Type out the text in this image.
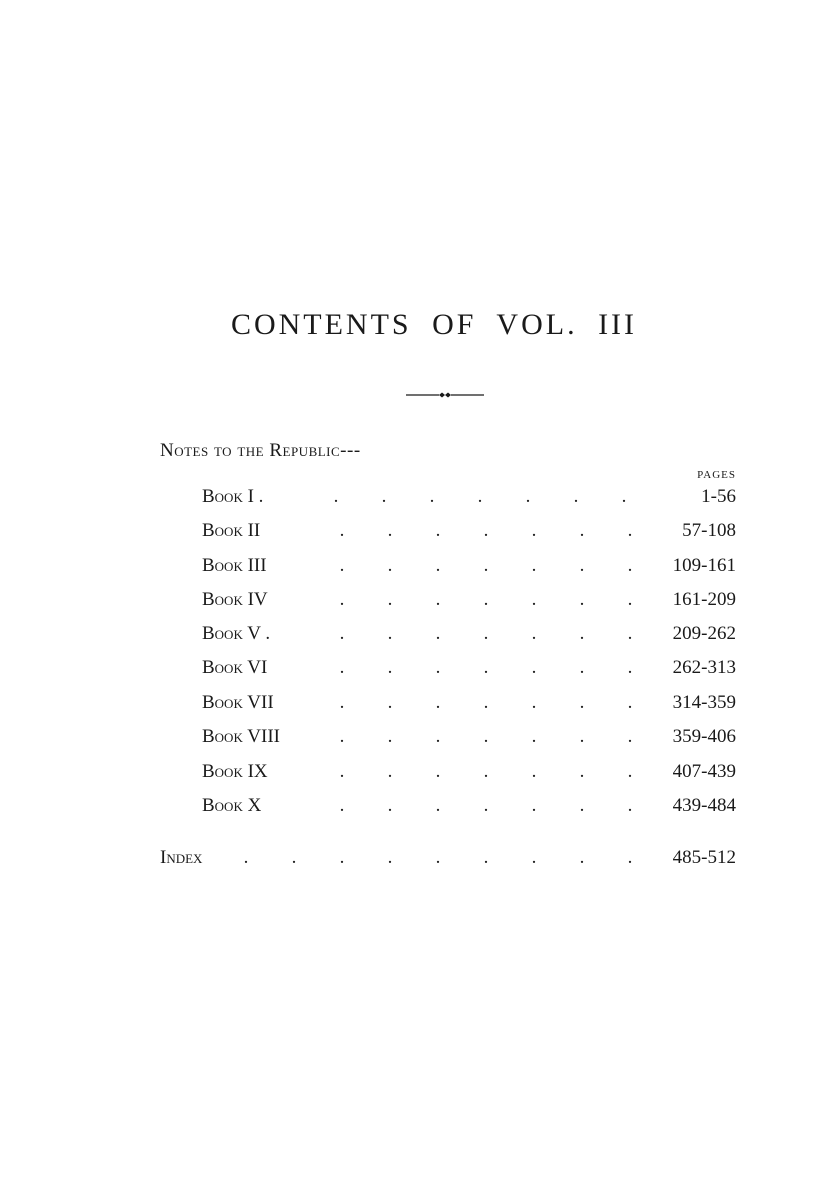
CONTENTS OF VOL. III
Notes to the Republic---
PAGES
Book I .	. . . . . . .	1-56
Book II	. . . . . . .	57-108
Book III	. . . . . . .	109-161
Book IV	. . . . . . .	161-209
Book V .	. . . . . . .	209-262
Book VI	. . . . . . .	262-313
Book VII	. . . . . . .	314-359
Book VIII	. . . . . . .	359-406
Book IX	. . . . . . .	407-439
Book X	. . . . . . .	439-484
Index	. . . . . . . . .	485-512
